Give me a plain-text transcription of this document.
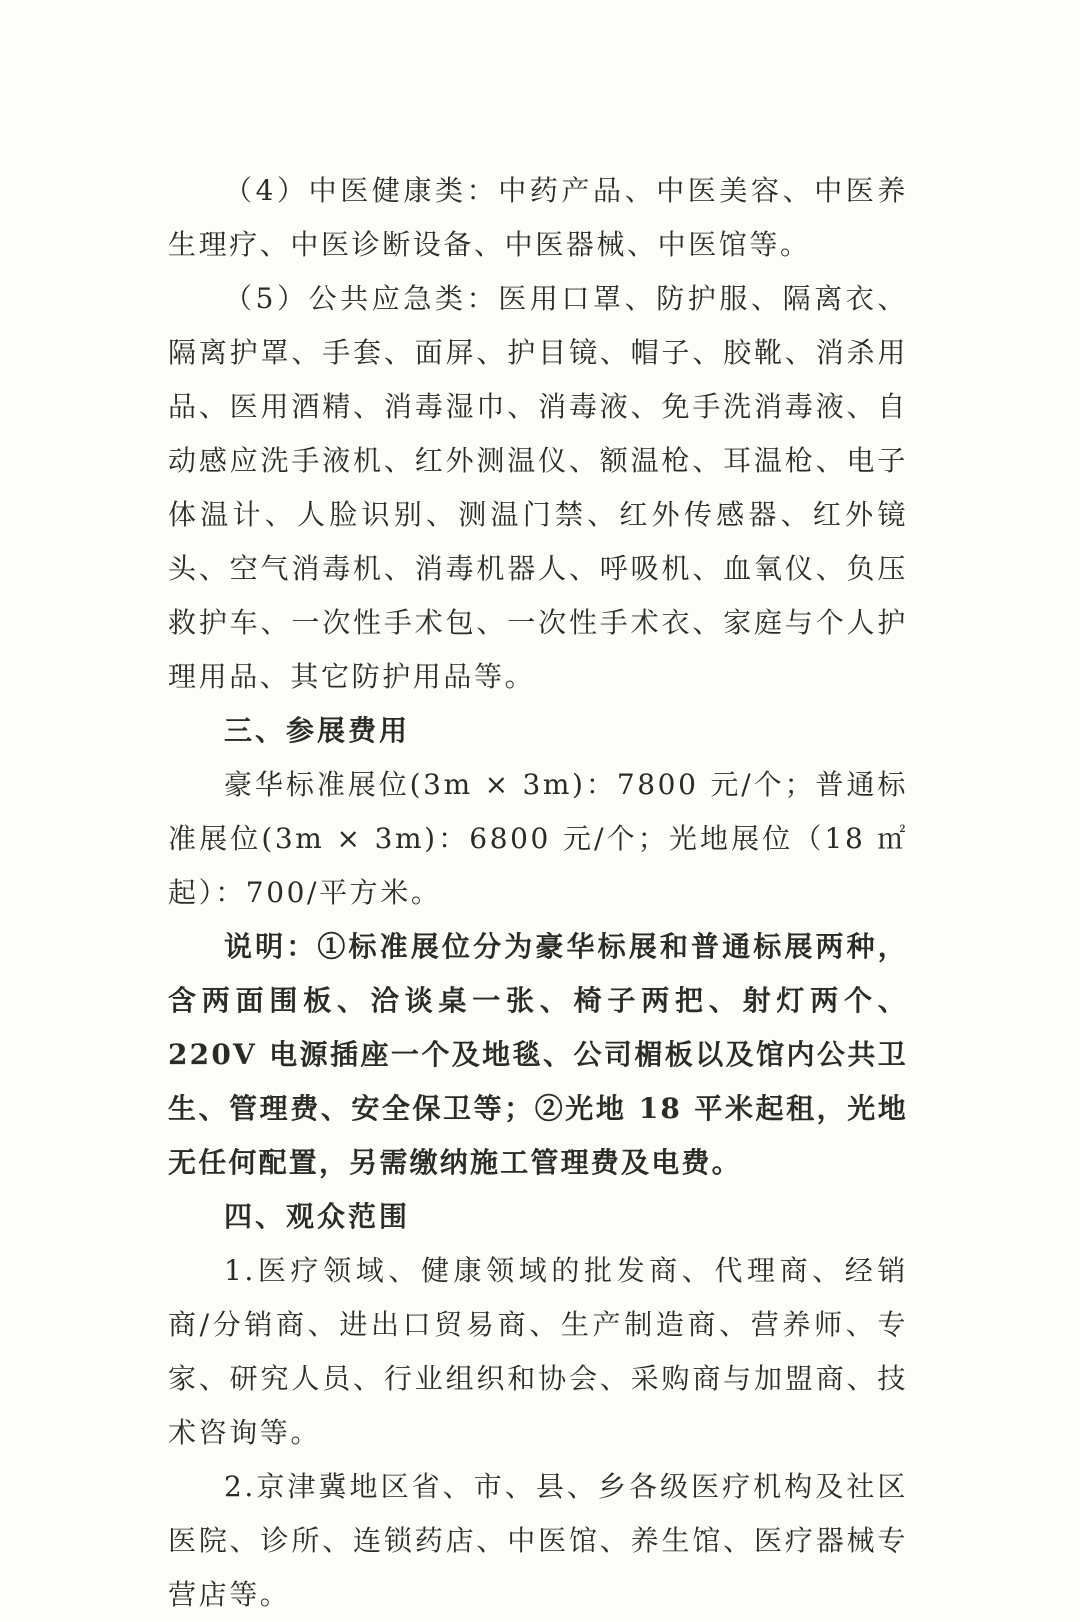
（4）中医健康类：中药产品、中医美容、中医养生理疗、中医诊断设备、中医器械、中医馆等。

（5）公共应急类：医用口罩、防护服、隔离衣、隔离护罩、手套、面屏、护目镜、帽子、胶靴、消杀用品、医用酒精、消毒湿巾、消毒液、免手洗消毒液、自动感应洗手液机、红外测温仪、额温枪、耳温枪、电子体温计、人脸识别、测温门禁、红外传感器、红外镜头、空气消毒机、消毒机器人、呼吸机、血氧仪、负压救护车、一次性手术包、一次性手术衣、家庭与个人护理用品、其它防护用品等。

三、参展费用

豪华标准展位(3m × 3m)：7800 元/个；普通标准展位(3m × 3m)：6800 元/个；光地展位（18 ㎡起）：700/平方米。

说明：①标准展位分为豪华标展和普通标展两种，含两面围板、洽谈桌一张、椅子两把、射灯两个、220V 电源插座一个及地毯、公司楣板以及馆内公共卫生、管理费、安全保卫等；②光地 18 平米起租，光地无任何配置，另需缴纳施工管理费及电费。

四、观众范围

1.医疗领域、健康领域的批发商、代理商、经销商/分销商、进出口贸易商、生产制造商、营养师、专家、研究人员、行业组织和协会、采购商与加盟商、技术咨询等。

2.京津冀地区省、市、县、乡各级医疗机构及社区医院、诊所、连锁药店、中医馆、养生馆、医疗器械专营店等。
